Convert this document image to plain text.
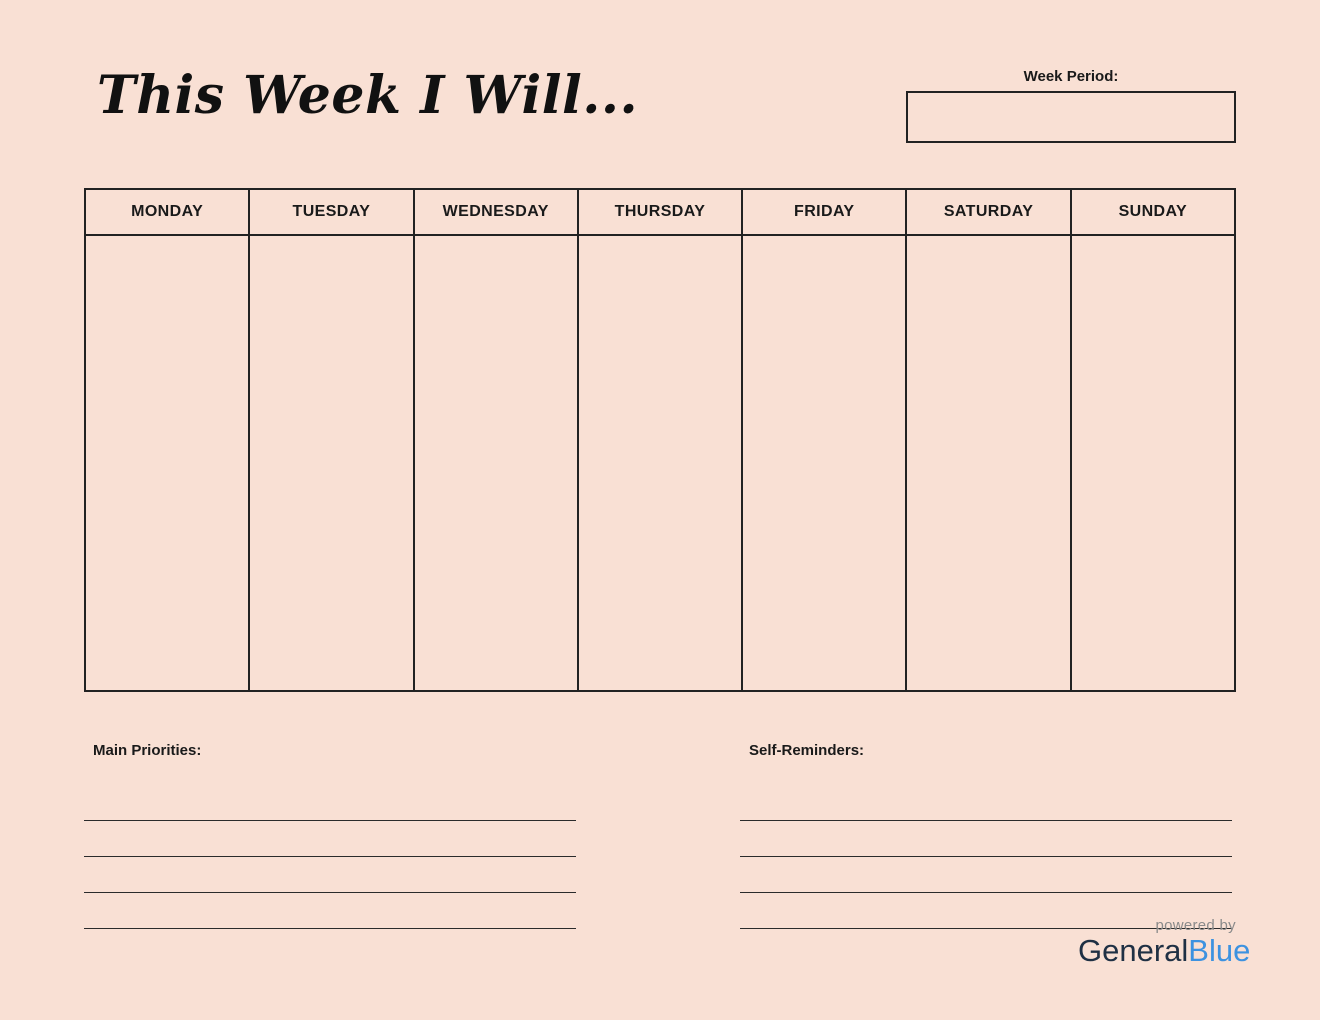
This Week I Will...	Week Period:
MONDAY	TUESDAY	WEDNESDAY	THURSDAY	FRIDAY	SATURDAY	SUNDAY
Main Priorities:	Self-Reminders:
powered by
GeneralBlue
